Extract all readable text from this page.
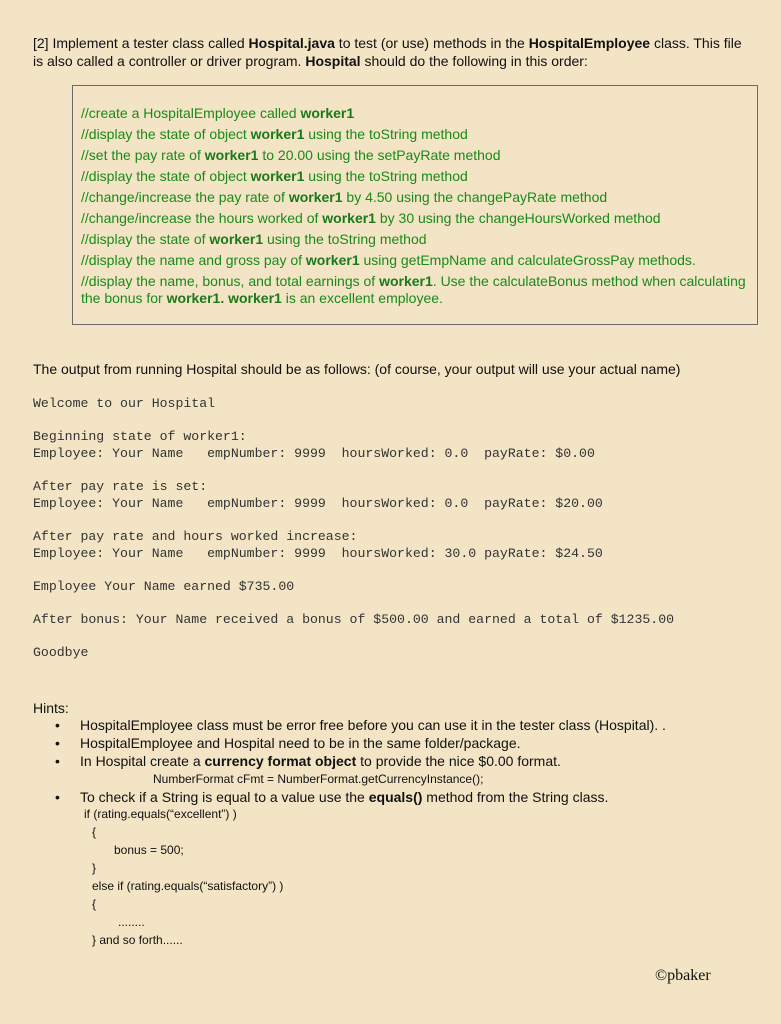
[2] Implement a tester class called Hospital.java to test (or use) methods in the HospitalEmployee class. This file is also called a controller or driver program. Hospital should do the following in this order:
//create a HospitalEmployee called worker1
//display the state of object worker1 using the toString method
//set the pay rate of worker1 to 20.00 using the setPayRate method
//display the state of object worker1 using the toString method
//change/increase the pay rate of worker1 by 4.50 using the changePayRate method
//change/increase the hours worked of worker1 by 30 using the changeHoursWorked method
//display the state of worker1 using the toString method
//display the name and gross pay of worker1 using getEmpName and calculateGrossPay methods.
//display the name, bonus, and total earnings of worker1. Use the calculateBonus method when calculating the bonus for worker1. worker1 is an excellent employee.
The output from running Hospital should be as follows: (of course, your output will use your actual name)
Welcome to our Hospital
Beginning state of worker1:
Employee: Your Name   empNumber: 9999  hoursWorked: 0.0  payRate: $0.00
After pay rate is set:
Employee: Your Name   empNumber: 9999  hoursWorked: 0.0  payRate: $20.00
After pay rate and hours worked increase:
Employee: Your Name   empNumber: 9999  hoursWorked: 30.0 payRate: $24.50
Employee Your Name earned $735.00
After bonus: Your Name received a bonus of $500.00 and earned a total of $1235.00
Goodbye
Hints:
• HospitalEmployee class must be error free before you can use it in the tester class (Hospital). .
• HospitalEmployee and Hospital need to be in the same folder/package.
• In Hospital create a currency format object to provide the nice $0.00 format.
NumberFormat cFmt = NumberFormat.getCurrencyInstance();
• To check if a String is equal to a value use the equals() method from the String class.
if (rating.equals(“excellent”) )
{
bonus = 500;
}
else if (rating.equals(“satisfactory”) )
{
........
} and so forth......
©pbaker
